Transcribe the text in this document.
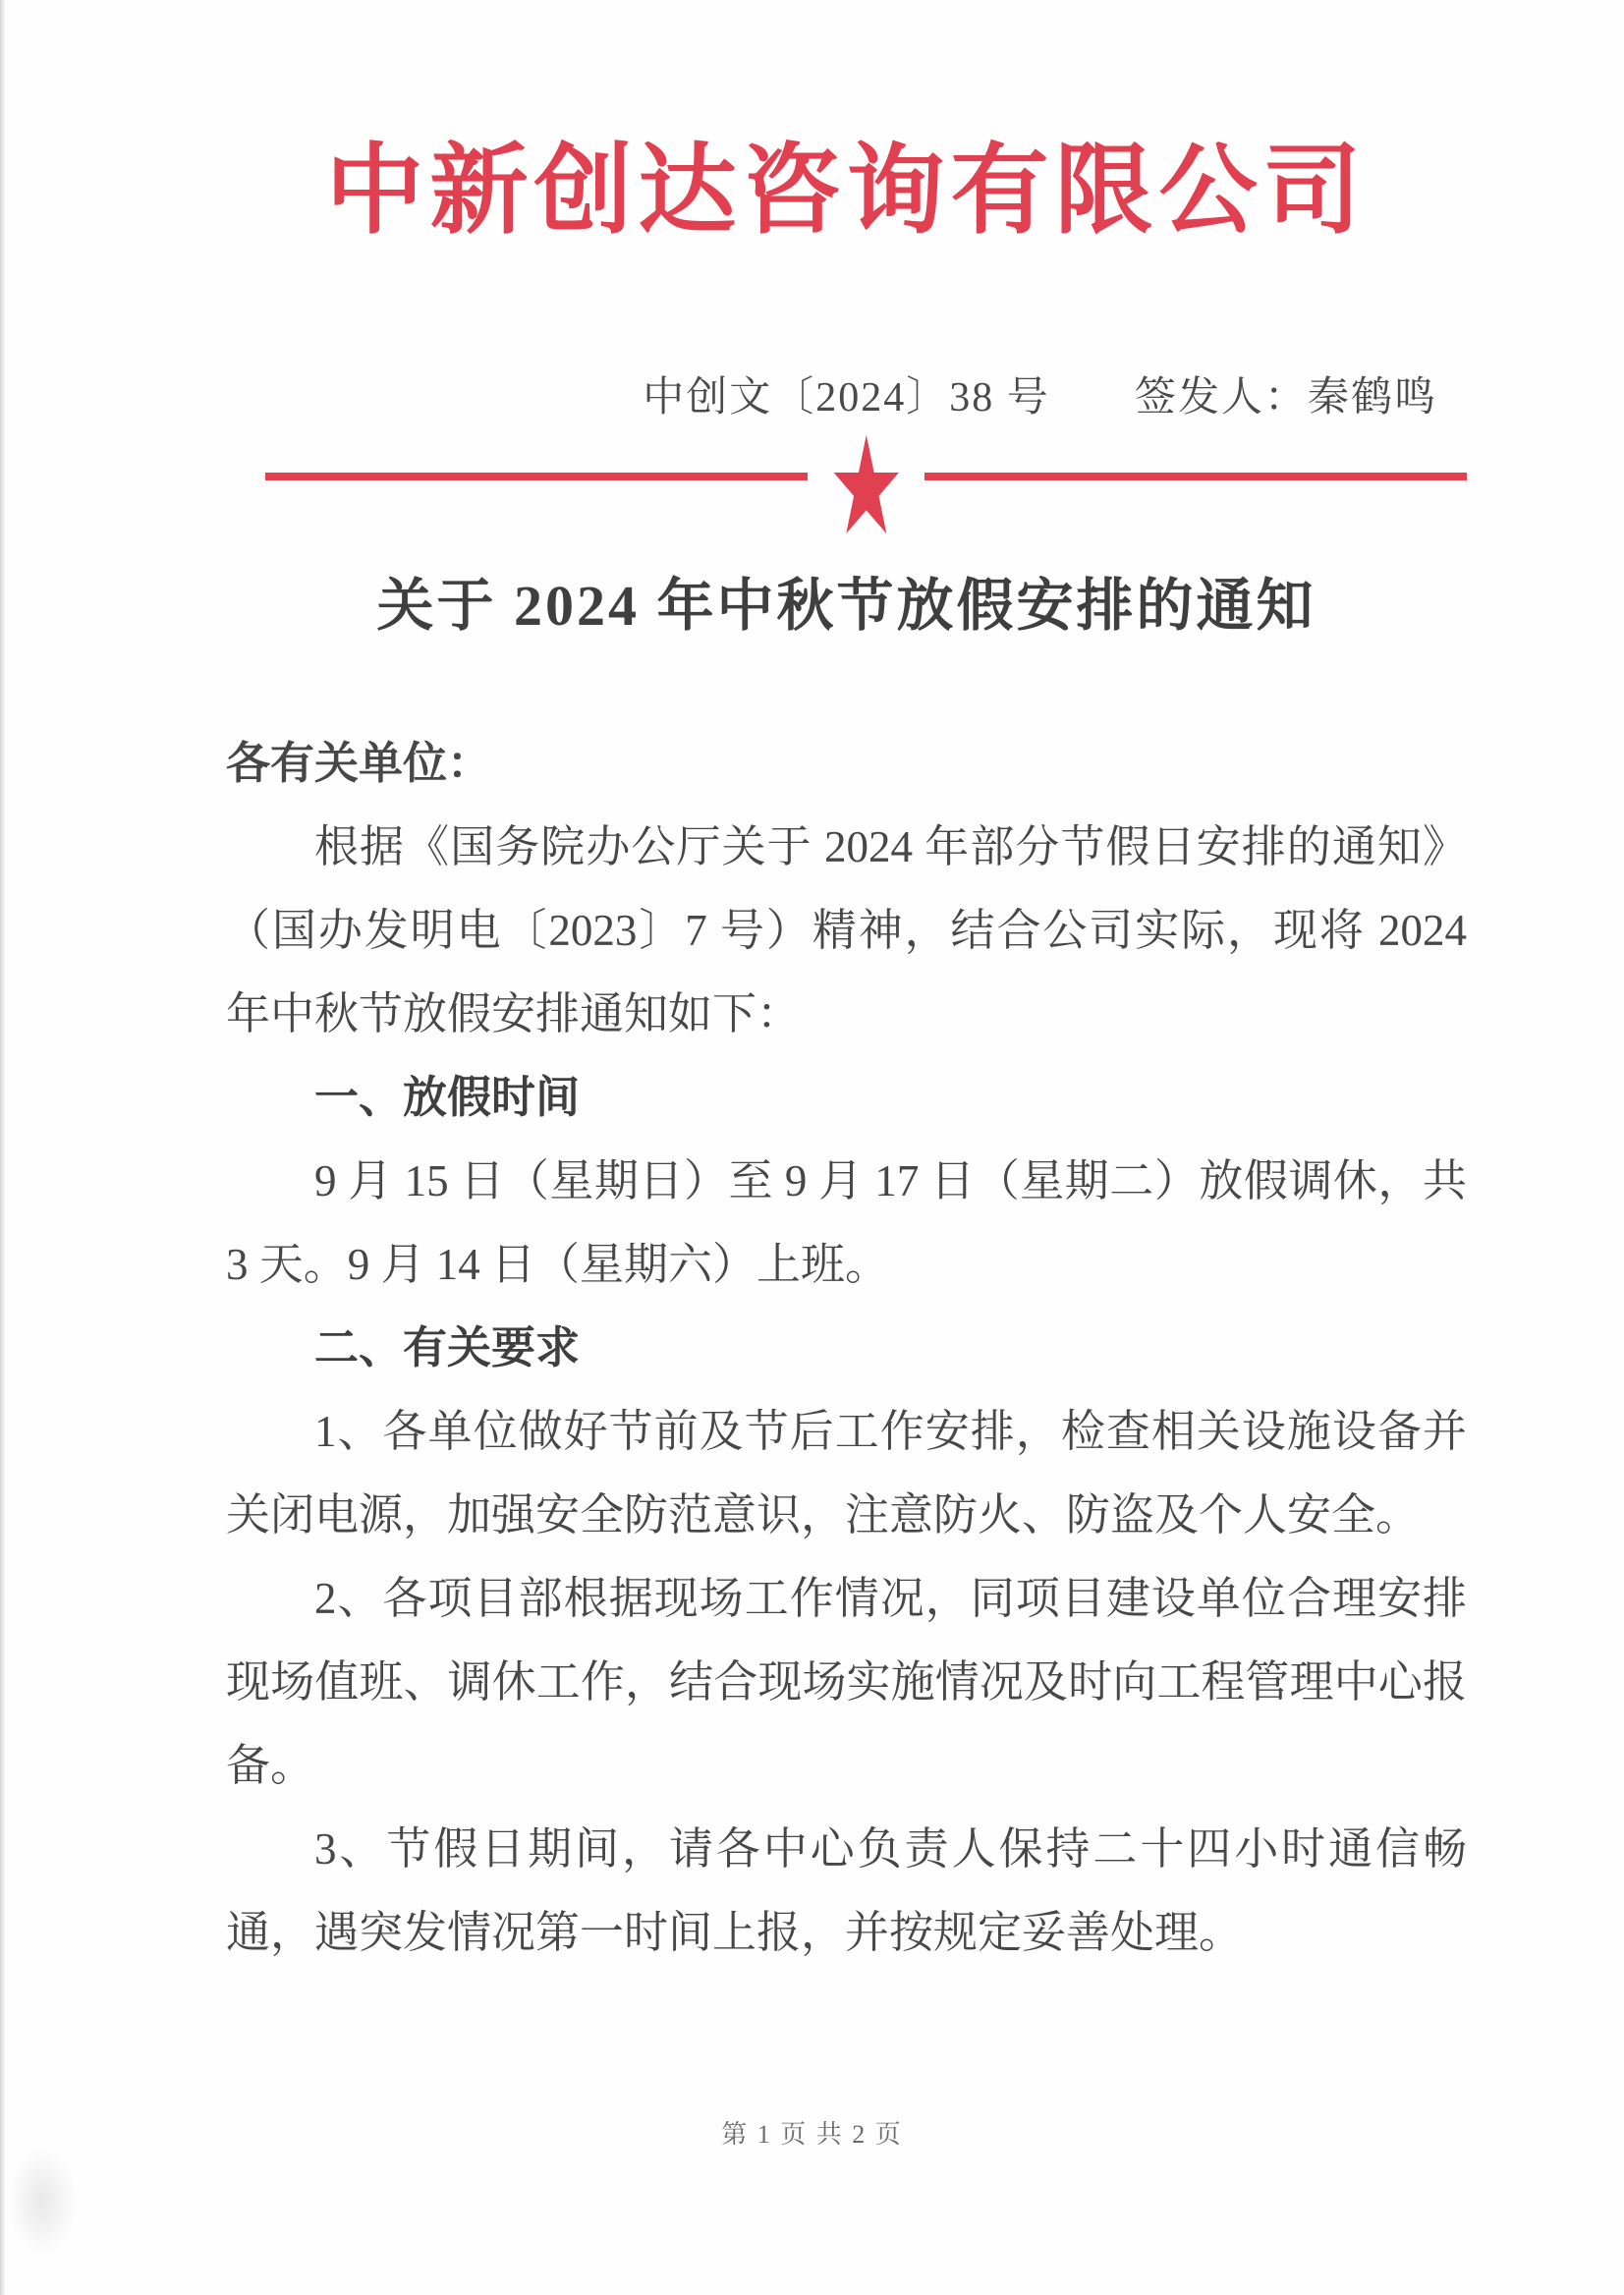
中新创达咨询有限公司
中创文〔2024〕38 号 签发人：秦鹤鸣
★
关于 2024 年中秋节放假安排的通知

各有关单位：

根据《国务院办公厅关于 2024 年部分节假日安排的通知》（国办发明电〔2023〕7 号）精神，结合公司实际，现将 2024 年中秋节放假安排通知如下：

一、放假时间

9 月 15 日（星期日）至 9 月 17 日（星期二）放假调休，共 3 天。9 月 14 日（星期六）上班。

二、有关要求

1、各单位做好节前及节后工作安排，检查相关设施设备并关闭电源，加强安全防范意识，注意防火、防盗及个人安全。

2、各项目部根据现场工作情况，同项目建设单位合理安排现场值班、调休工作，结合现场实施情况及时向工程管理中心报备。

3、节假日期间，请各中心负责人保持二十四小时通信畅通，遇突发情况第一时间上报，并按规定妥善处理。

第 1 页 共 2 页
